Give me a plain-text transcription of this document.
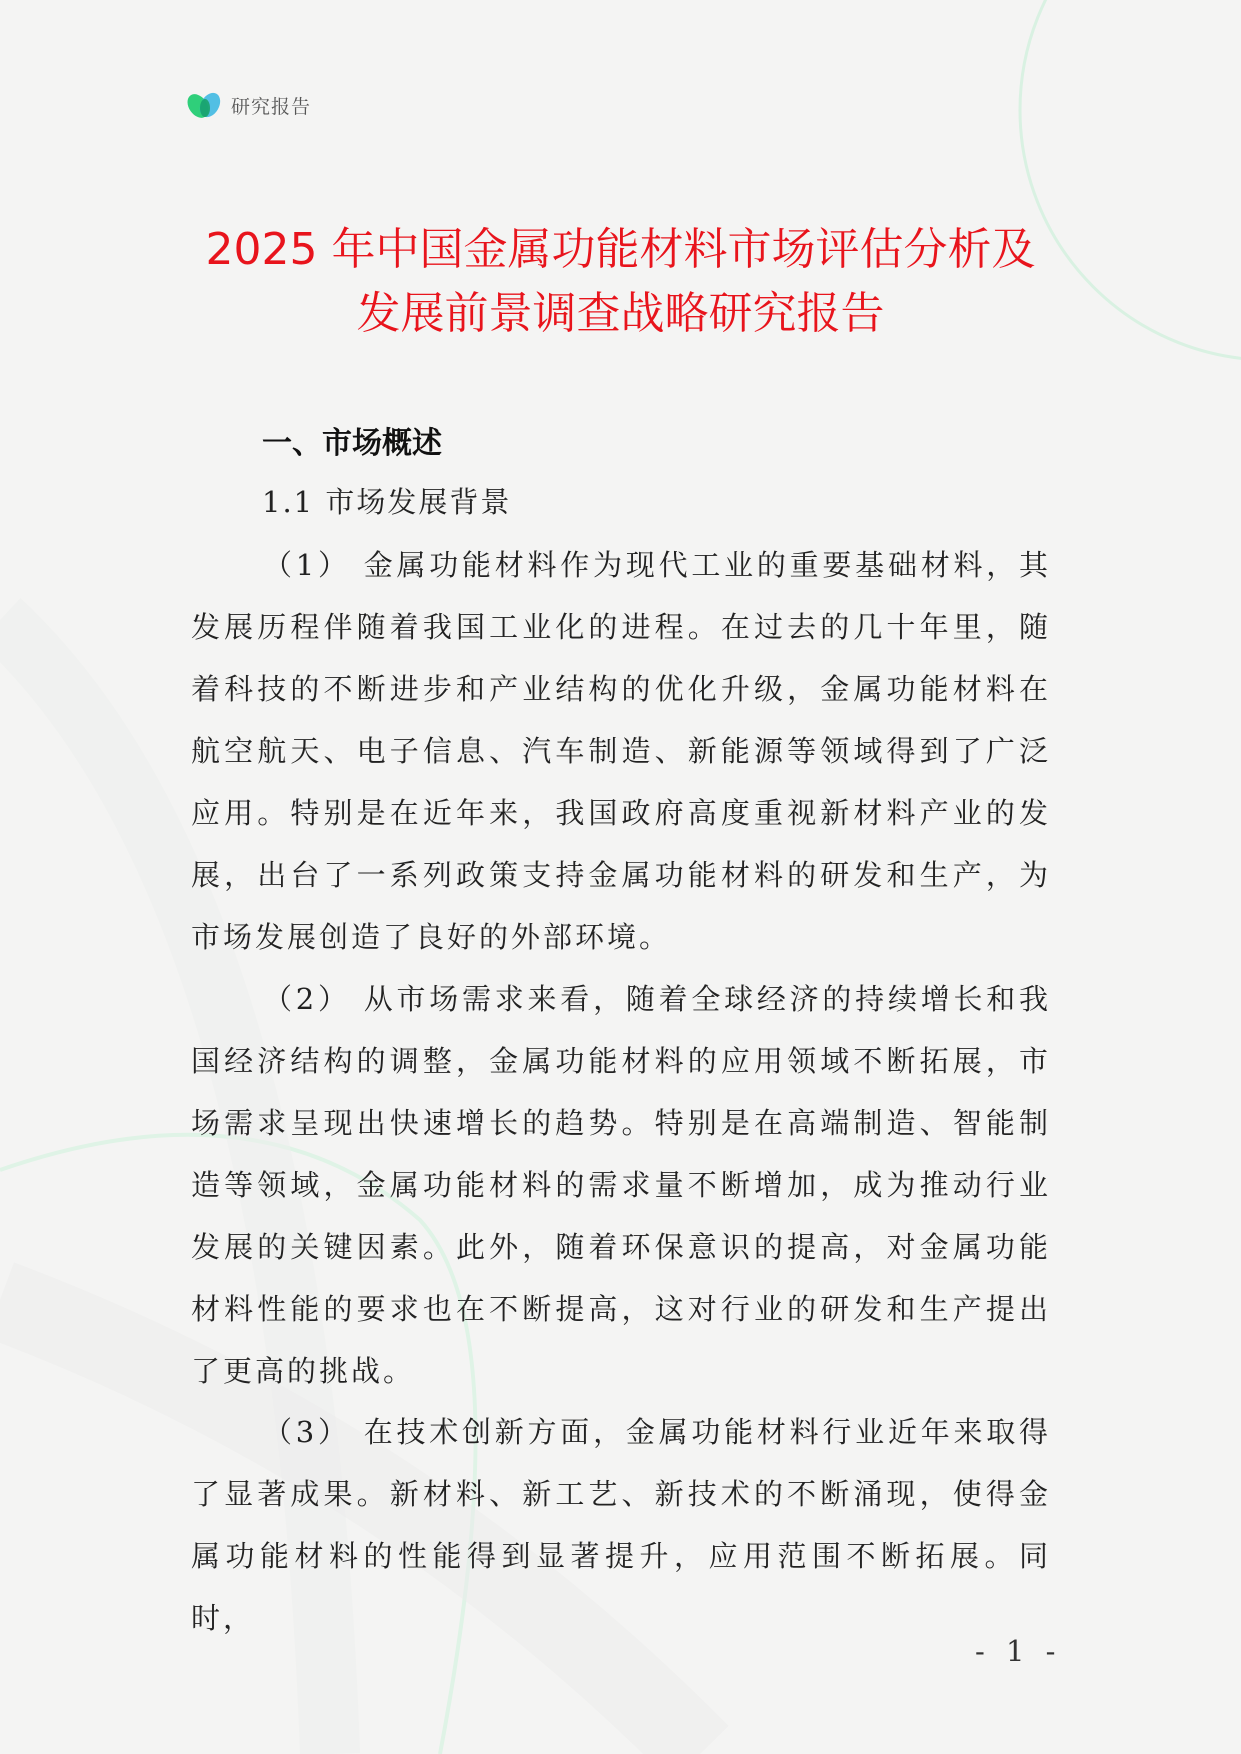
研究报告
2025 年中国金属功能材料市场评估分析及
发展前景调查战略研究报告
一、市场概述
1.1 市场发展背景

（1） 金属功能材料作为现代工业的重要基础材料，其发展历程伴随着我国工业化的进程。在过去的几十年里，随着科技的不断进步和产业结构的优化升级，金属功能材料在航空航天、电子信息、汽车制造、新能源等领域得到了广泛应用。特别是在近年来，我国政府高度重视新材料产业的发展，出台了一系列政策支持金属功能材料的研发和生产，为市场发展创造了良好的外部环境。

（2） 从市场需求来看，随着全球经济的持续增长和我国经济结构的调整，金属功能材料的应用领域不断拓展，市场需求呈现出快速增长的趋势。特别是在高端制造、智能制造等领域，金属功能材料的需求量不断增加，成为推动行业发展的关键因素。此外，随着环保意识的提高，对金属功能材料性能的要求也在不断提高，这对行业的研发和生产提出了更高的挑战。

（3） 在技术创新方面，金属功能材料行业近年来取得了显著成果。新材料、新工艺、新技术的不断涌现，使得金属功能材料的性能得到显著提升，应用范围不断拓展。同时，

- 1 -
